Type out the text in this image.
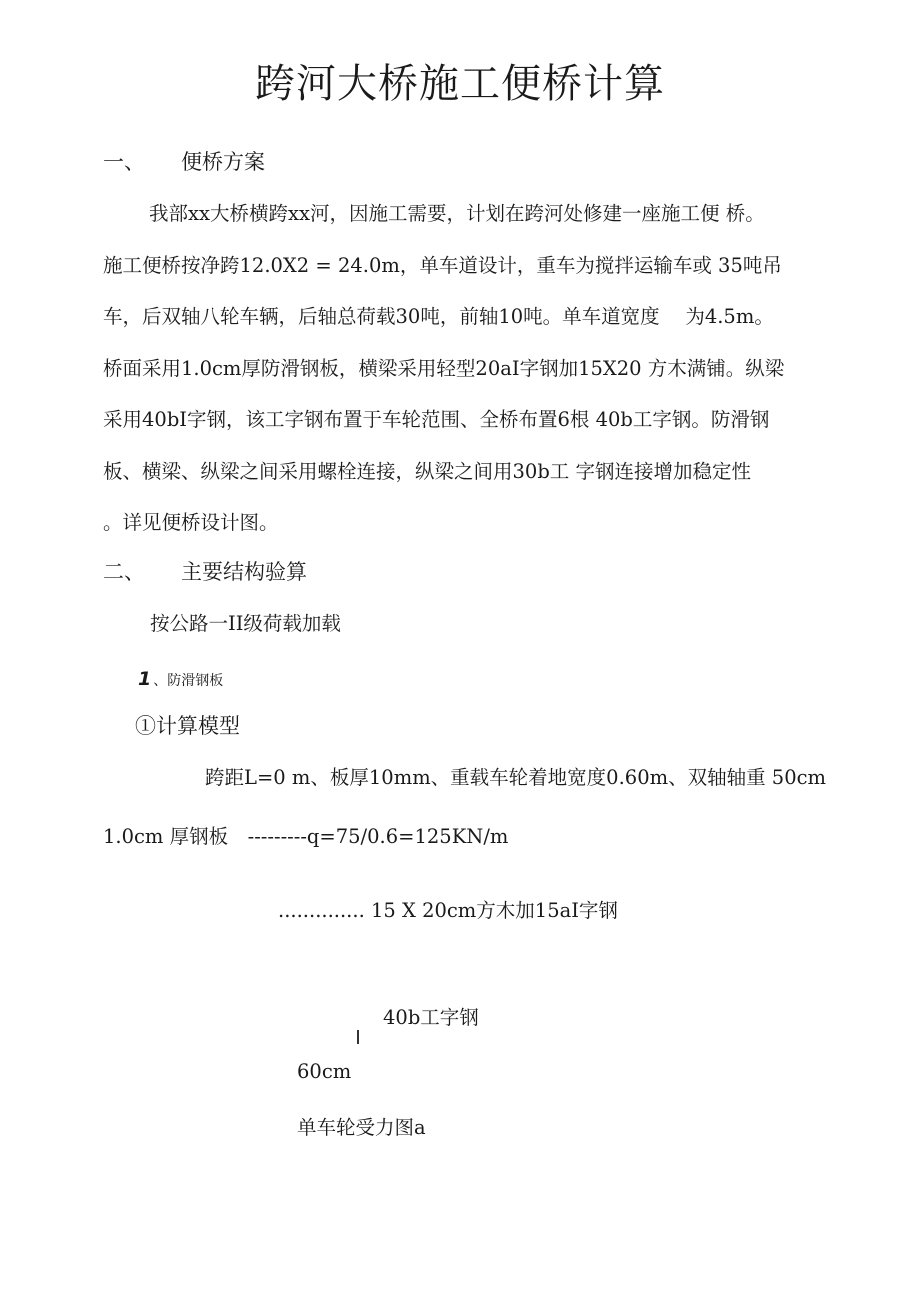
跨河大桥施工便桥计算
一、 便桥方案

我部xx大桥横跨xx河，因施工需要，计划在跨河处修建一座施工便 桥。

施工便桥按净跨12.0X2 = 24.0m，单车道设计，重车为搅拌运输车或 35吨吊

车，后双轴八轮车辆，后轴总荷载30吨，前轴10吨。单车道宽度　 为4.5m。

桥面采用1.0cm厚防滑钢板，横梁采用轻型20aI字钢加15X20 方木满铺。纵梁

采用40bI字钢，该工字钢布置于车轮范围、全桥布置6根 40b工字钢。防滑钢

板、横梁、纵梁之间采用螺栓连接，纵梁之间用30b工 字钢连接增加稳定性

。详见便桥设计图。

二、 主要结构验算
按公路一II级荷载加载
1 、防滑钢板
①计算模型
跨距L=0 m、板厚10mm、重载车轮着地宽度0.60m、双轴轴重 50cm
1.0cm 厚钢板　---------q=75/0.6=125KN/m
.............. 15 X 20cm方木加15aI字钢
40b工字钢
60cm
单车轮受力图a
